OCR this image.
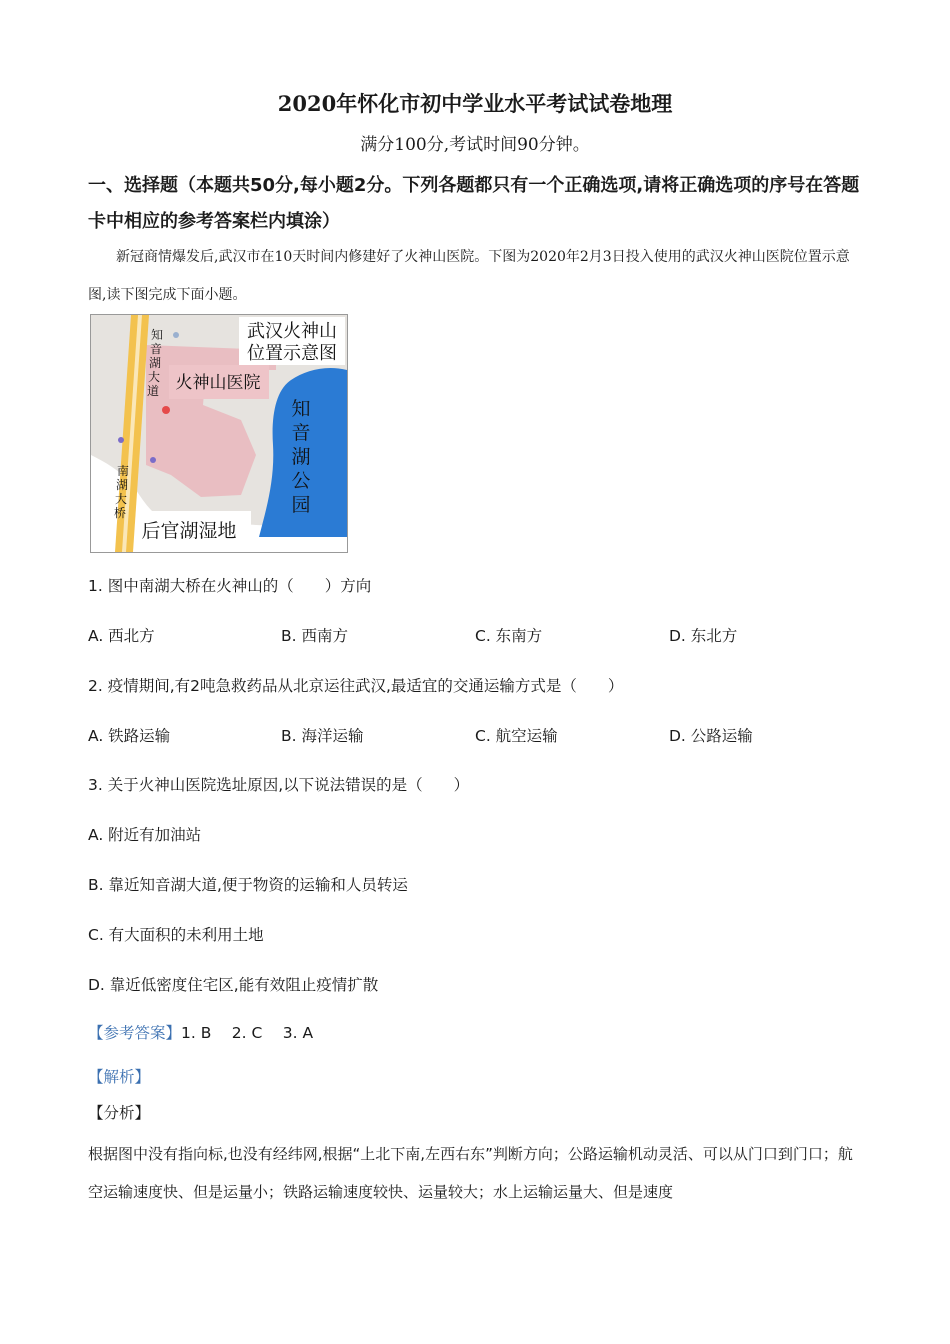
2020年怀化市初中学业水平考试试卷地理
满分100分,考试时间90分钟。
一、选择题（本题共50分,每小题2分。下列各题都只有一个正确选项,请将正确选项的序号在答题卡中相应的参考答案栏内填涂）
新冠商情爆发后,武汉市在10天时间内修建好了火神山医院。下图为2020年2月3日投入使用的武汉火神山医院位置示意图,读下图完成下面小题。
武汉火神山
位置示意图
火神山医院
知
音
湖
公
园
知
音
湖
大
道
南
湖
大
桥
后官湖湿地
1. 图中南湖大桥在火神山的（　　）方向
A. 西北方	B. 西南方	C. 东南方	D. 东北方
2. 疫情期间,有2吨急救药品从北京运往武汉,最适宜的交通运输方式是（　　）
A. 铁路运输	B. 海洋运输	C. 航空运输	D. 公路运输
3. 关于火神山医院选址原因,以下说法错误的是（　　）
A. 附近有加油站
B. 靠近知音湖大道,便于物资的运输和人员转运
C. 有大面积的未利用土地
D. 靠近低密度住宅区,能有效阻止疫情扩散
【参考答案】1. B　 2. C　 3. A
【解析】
【分析】
根据图中没有指向标,也没有经纬网,根据“上北下南,左西右东”判断方向；公路运输机动灵活、可以从门口到门口；航空运输速度快、但是运量小；铁路运输速度较快、运量较大；水上运输运量大、但是速度
